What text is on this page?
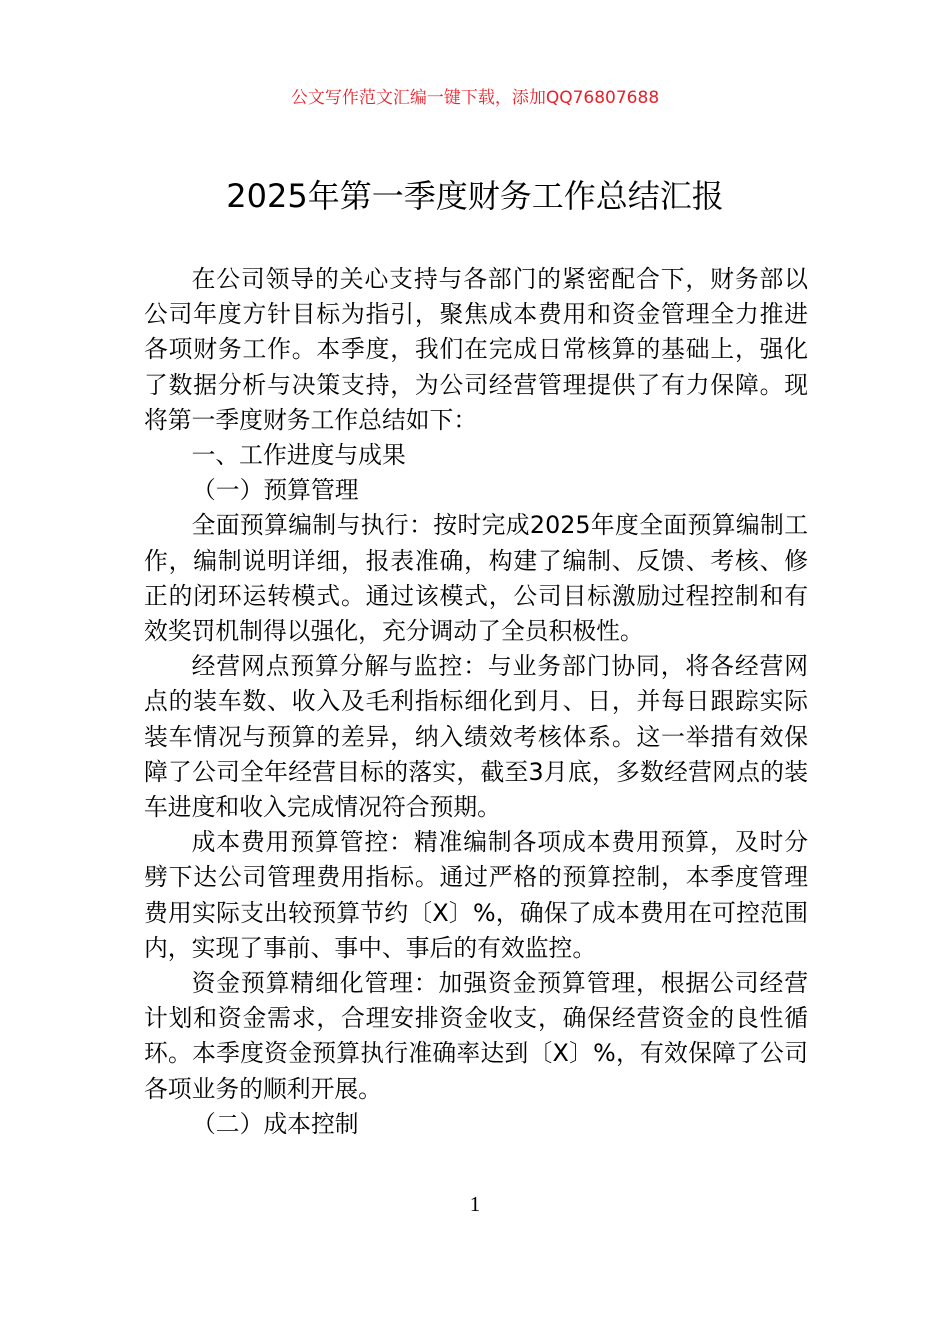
公文写作范文汇编一键下载，添加QQ76807688
2025年第一季度财务工作总结汇报

在公司领导的关心支持与各部门的紧密配合下，财务部以公司年度方针目标为指引，聚焦成本费用和资金管理全力推进各项财务工作。本季度，我们在完成日常核算的基础上，强化了数据分析与决策支持，为公司经营管理提供了有力保障。现将第一季度财务工作总结如下：

一、工作进度与成果

（一）预算管理

全面预算编制与执行：按时完成2025年度全面预算编制工作，编制说明详细，报表准确，构建了编制、反馈、考核、修正的闭环运转模式。通过该模式，公司目标激励过程控制和有效奖罚机制得以强化，充分调动了全员积极性。

经营网点预算分解与监控：与业务部门协同，将各经营网点的装车数、收入及毛利指标细化到月、日，并每日跟踪实际装车情况与预算的差异，纳入绩效考核体系。这一举措有效保障了公司全年经营目标的落实，截至3月底，多数经营网点的装车进度和收入完成情况符合预期。

成本费用预算管控：精准编制各项成本费用预算，及时分劈下达公司管理费用指标。通过严格的预算控制，本季度管理费用实际支出较预算节约〔X〕%，确保了成本费用在可控范围内，实现了事前、事中、事后的有效监控。

资金预算精细化管理：加强资金预算管理，根据公司经营计划和资金需求，合理安排资金收支，确保经营资金的良性循环。本季度资金预算执行准确率达到〔X〕%，有效保障了公司各项业务的顺利开展。

（二）成本控制

1
